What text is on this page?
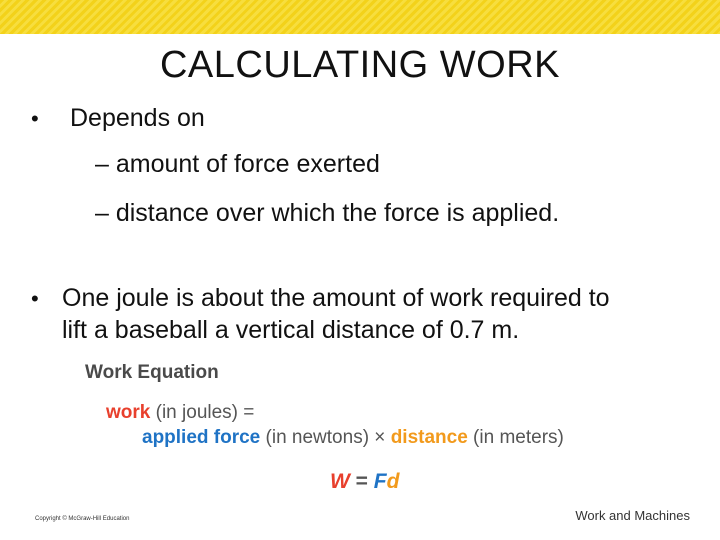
CALCULATING WORK
• Depends on
– amount of force exerted
– distance over which the force is applied.
• One joule is about the amount of work required to
lift a baseball a vertical distance of 0.7 m.
Work Equation
work (in joules) =
applied force (in newtons) × distance (in meters)
W = Fd
Copyright © McGraw-Hill Education	Work and Machines
